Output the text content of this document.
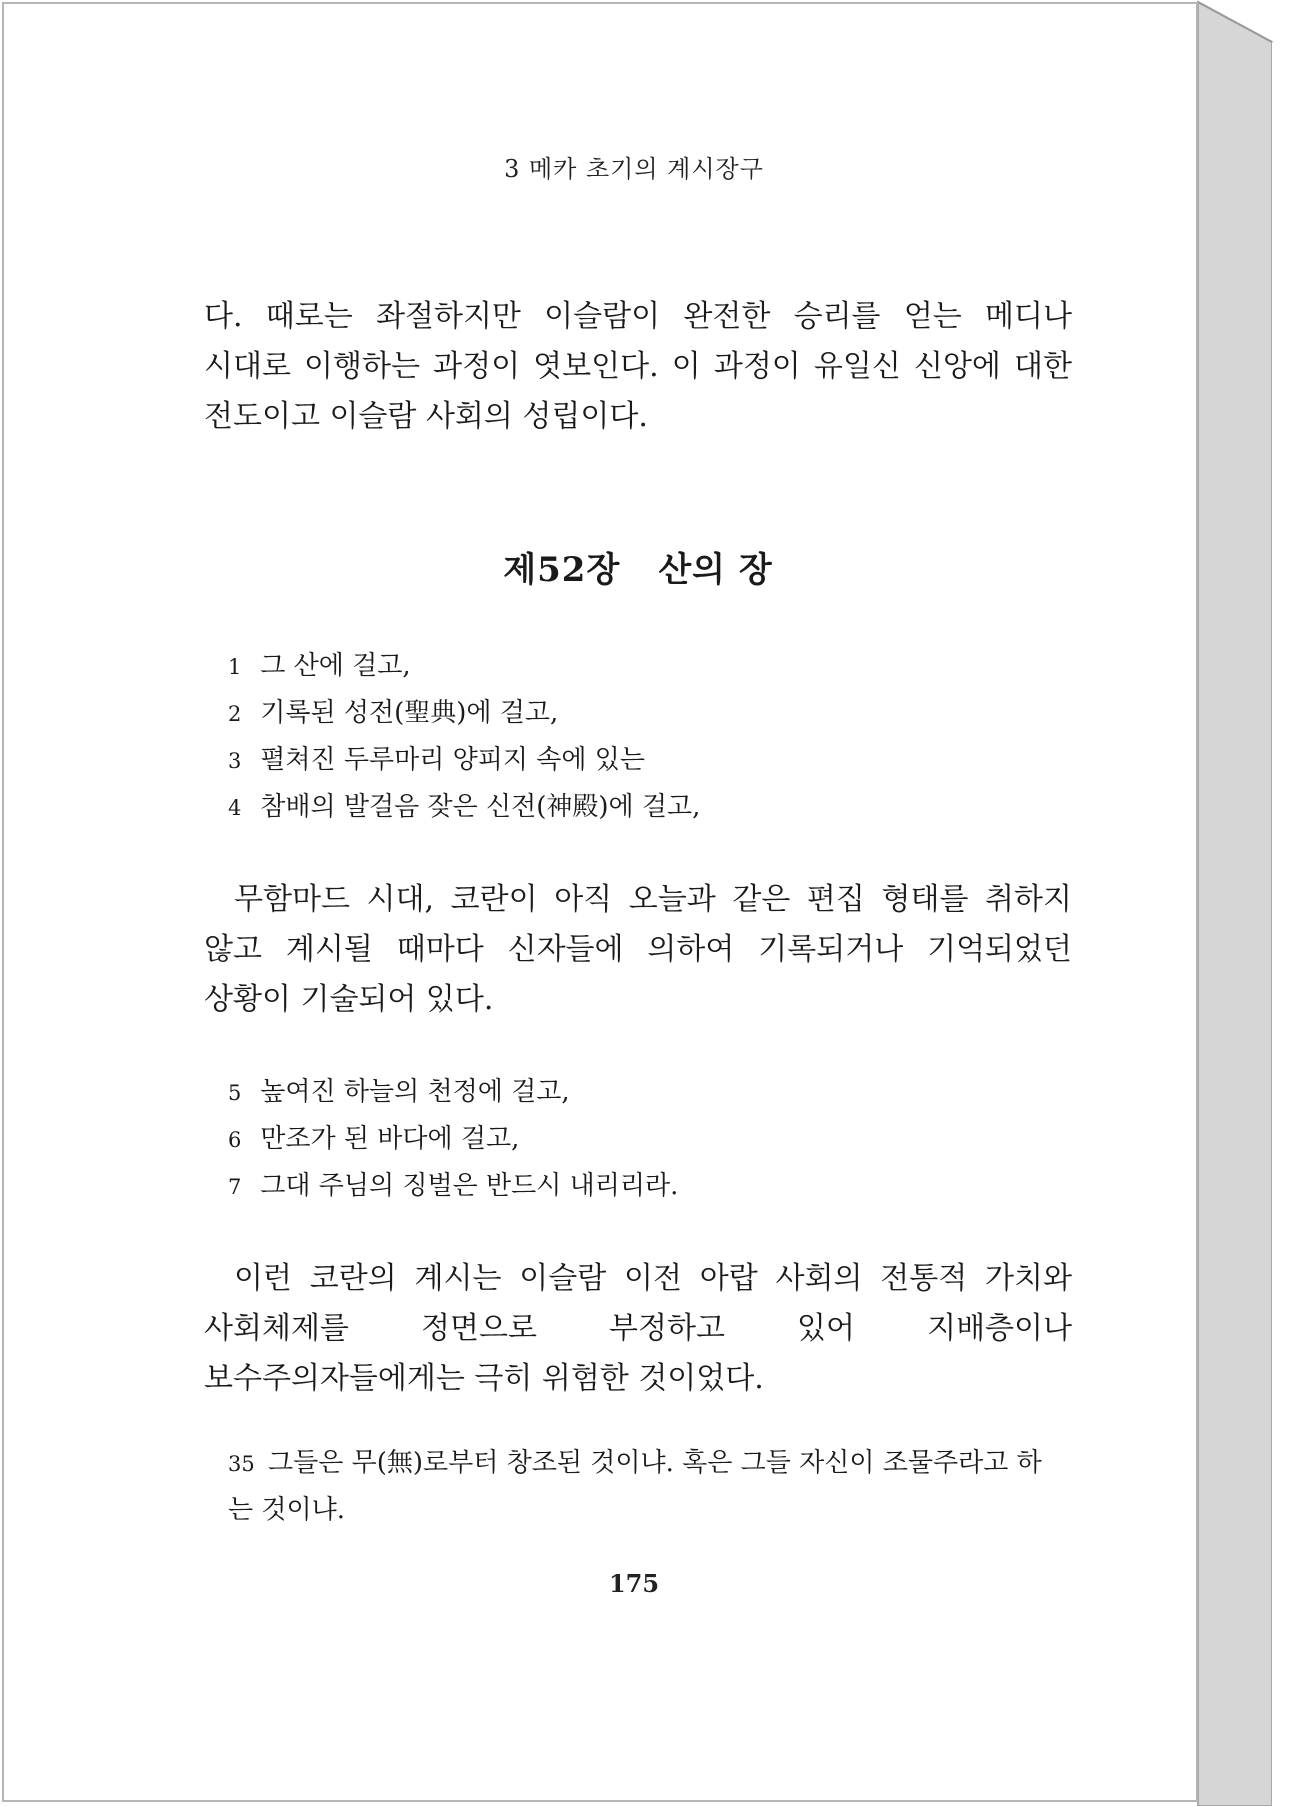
3 메카 초기의 계시장구

다. 때로는 좌절하지만 이슬람이 완전한 승리를 얻는 메디나 시대로 이행하는 과정이 엿보인다. 이 과정이 유일신 신앙에 대한 전도이고 이슬람 사회의 성립이다.

제52장 산의 장
1 그 산에 걸고,
2 기록된 성전(聖典)에 걸고,
3 펼쳐진 두루마리 양피지 속에 있는
4 참배의 발걸음 잦은 신전(神殿)에 걸고,

무함마드 시대, 코란이 아직 오늘과 같은 편집 형태를 취하지 않고 계시될 때마다 신자들에 의하여 기록되거나 기억되었던 상황이 기술되어 있다.

5 높여진 하늘의 천정에 걸고,
6 만조가 된 바다에 걸고,
7 그대 주님의 징벌은 반드시 내리리라.

이런 코란의 계시는 이슬람 이전 아랍 사회의 전통적 가치와 사회체제를 정면으로 부정하고 있어 지배층이나 보수주의자들에게는 극히 위험한 것이었다.

35 그들은 무(無)로부터 창조된 것이냐. 혹은 그들 자신이 조물주라고 하는 것이냐.

175
